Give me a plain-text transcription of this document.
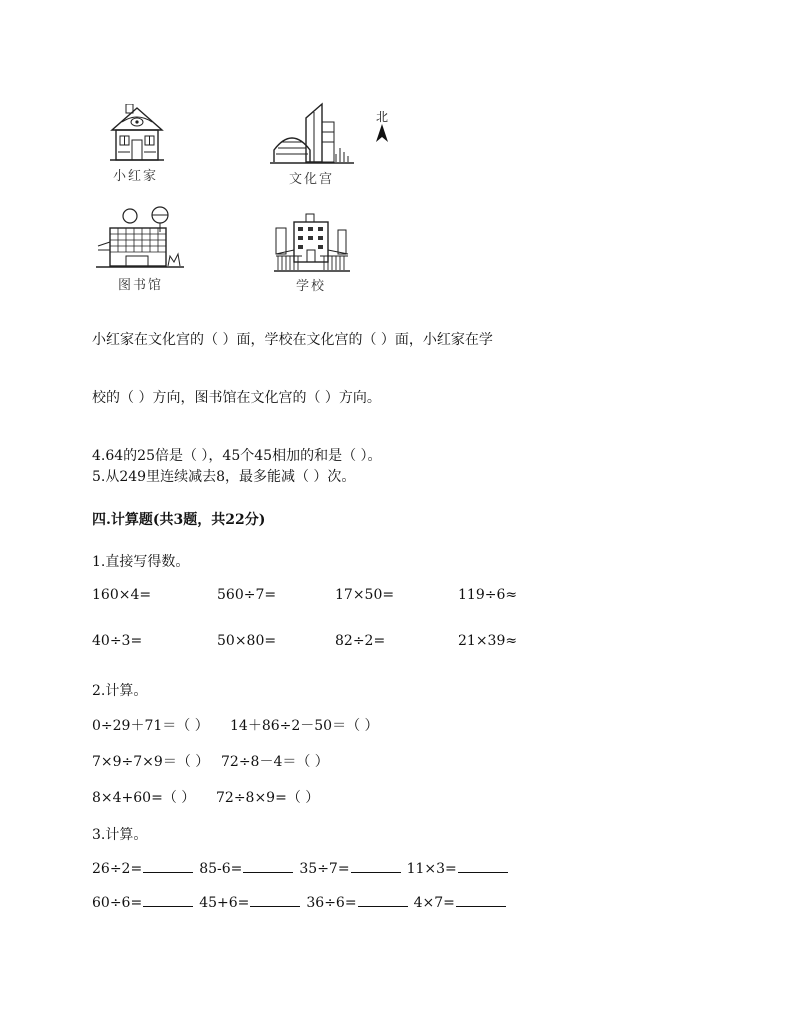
小红家	文化宫
北
图书馆	学校
小红家在文化宫的（ ）面，学校在文化宫的（ ）面，小红家在学
校的（ ）方向，图书馆在文化宫的（ ）方向。
4.64的25倍是（ ），45个45相加的和是（ ）。
5.从249里连续减去8，最多能减（ ）次。
四.计算题(共3题，共22分)
1.直接写得数。
160×4=	560÷7=	17×50=	119÷6≈
40÷3=	50×80=	82÷2=	21×39≈
2.计算。
0÷29＋71＝（ ） 14＋86÷2－50＝（ ）
7×9÷7×9＝（ ） 72÷8－4＝（ ）
8×4+60=（ ） 72÷8×9=（ ）
3.计算。
26÷2=	85-6=	35÷7=	11×3=
60÷6=	45+6=	36÷6=	4×7=
